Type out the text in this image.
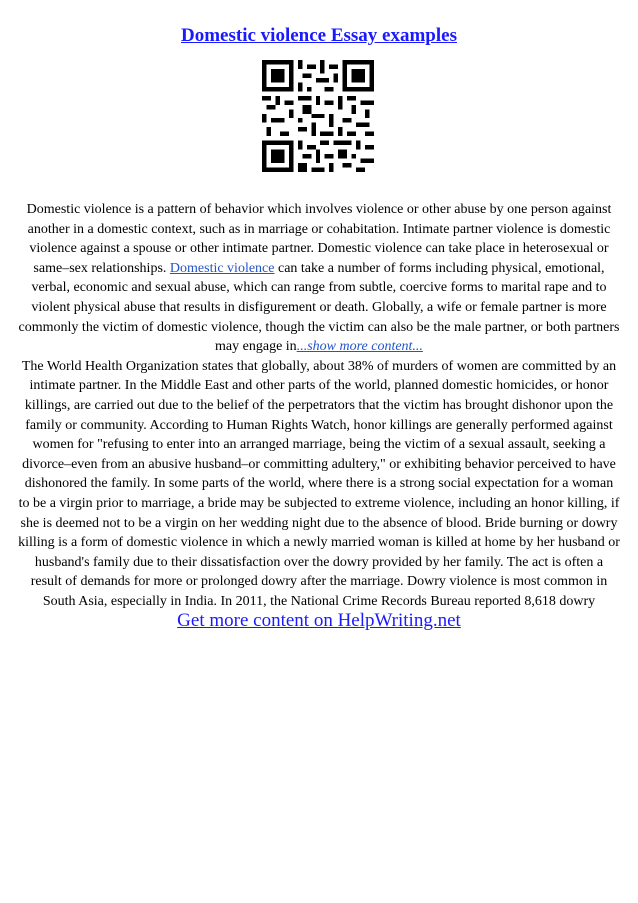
Domestic violence Essay examples
Domestic violence is a pattern of behavior which involves violence or other abuse by one person against another in a domestic context, such as in marriage or cohabitation. Intimate partner violence is domestic violence against a spouse or other intimate partner. Domestic violence can take place in heterosexual or same–sex relationships. Domestic violence can take a number of forms including physical, emotional, verbal, economic and sexual abuse, which can range from subtle, coercive forms to marital rape and to violent physical abuse that results in disfigurement or death. Globally, a wife or female partner is more commonly the victim of domestic violence, though the victim can also be the male partner, or both partners may engage in...show more content...
The World Health Organization states that globally, about 38% of murders of women are committed by an intimate partner. In the Middle East and other parts of the world, planned domestic homicides, or honor killings, are carried out due to the belief of the perpetrators that the victim has brought dishonor upon the family or community. According to Human Rights Watch, honor killings are generally performed against women for "refusing to enter into an arranged marriage, being the victim of a sexual assault, seeking a divorce–even from an abusive husband–or committing adultery," or exhibiting behavior perceived to have dishonored the family. In some parts of the world, where there is a strong social expectation for a woman to be a virgin prior to marriage, a bride may be subjected to extreme violence, including an honor killing, if she is deemed not to be a virgin on her wedding night due to the absence of blood. Bride burning or dowry killing is a form of domestic violence in which a newly married woman is killed at home by her husband or husband's family due to their dissatisfaction over the dowry provided by her family. The act is often a result of demands for more or prolonged dowry after the marriage. Dowry violence is most common in South Asia, especially in India. In 2011, the National Crime Records Bureau reported 8,618 dowry
Get more content on HelpWriting.net
